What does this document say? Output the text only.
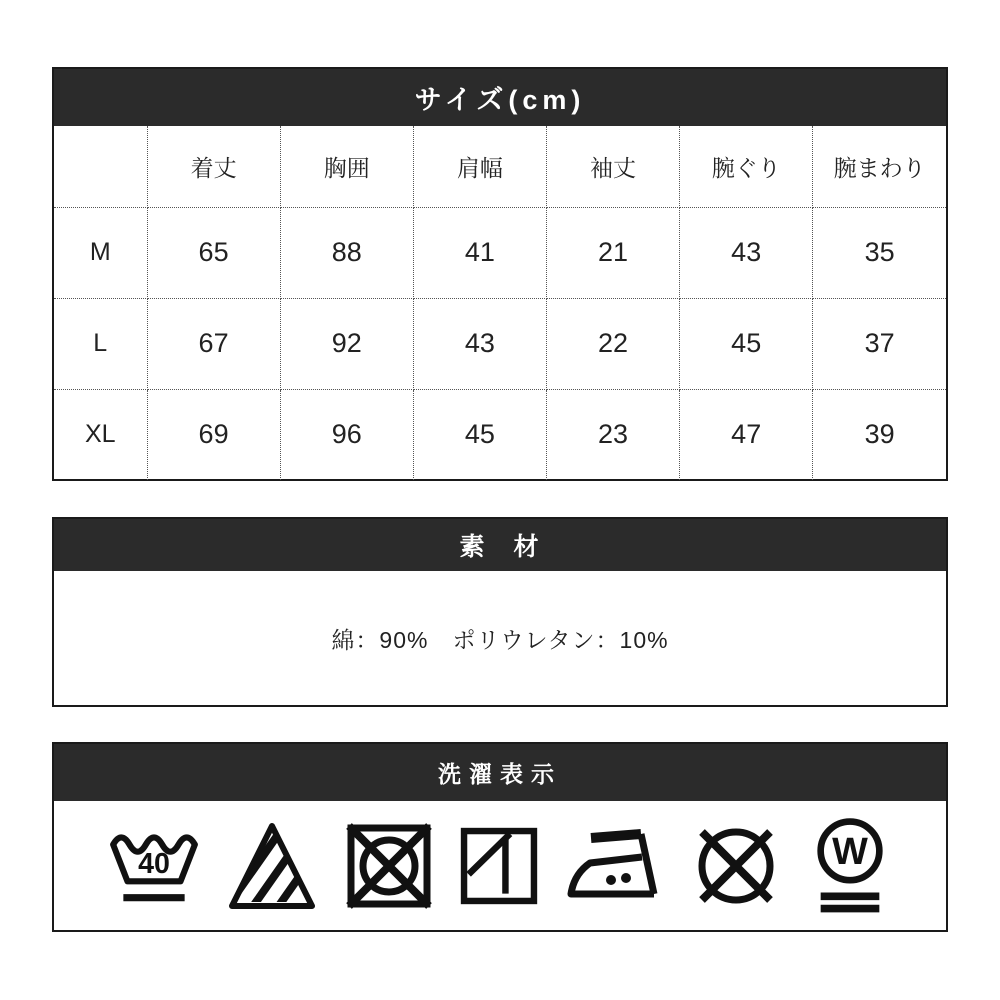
サイズ(cm)
	着丈	胸囲	肩幅	袖丈	腕ぐり	腕まわり
M	65	88	41	21	43	35
L	67	92	43	22	45	37
XL	69	96	45	23	47	39
素　材
綿：90%　ポリウレタン：10%
洗濯表示
40	W
